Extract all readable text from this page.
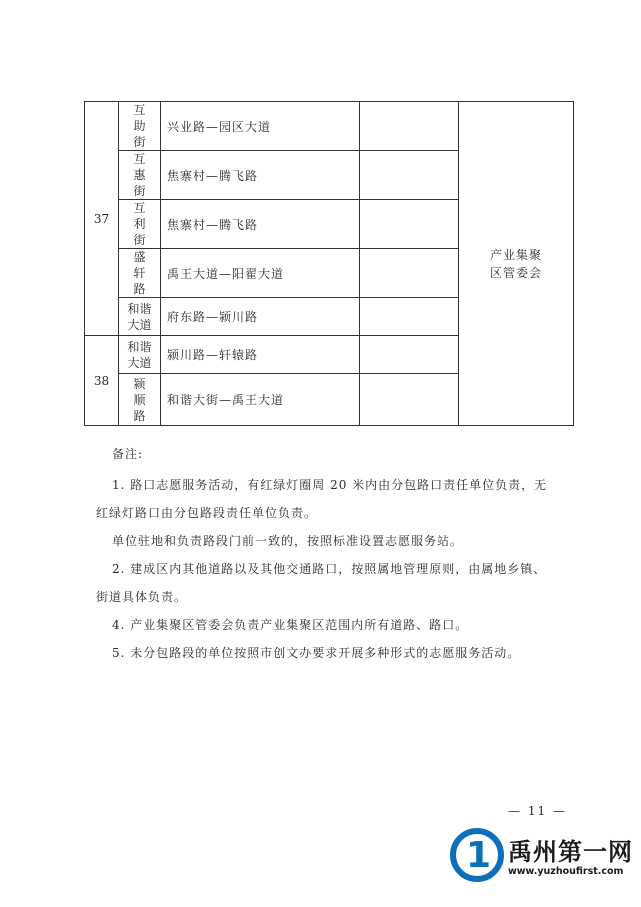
37	互助街	兴业路—园区大道		产业集聚区管委会
	互惠街	焦寨村—腾飞路		
	互利街	焦寨村—腾飞路		
	盛轩路	禹王大道—阳翟大道		
	和谐大道	府东路—颍川路		
38	和谐大道	颍川路—轩辕路		
	颍顺路	和谐大街—禹王大道		
备注:
1. 路口志愿服务活动，有红绿灯圈周 20 米内由分包路口责任单位负责，无红绿灯路口由分包路段责任单位负责。
单位驻地和负责路段门前一致的，按照标准设置志愿服务站。
2. 建成区内其他道路以及其他交通路口，按照属地管理原则，由属地乡镇、街道具体负责。
4. 产业集聚区管委会负责产业集聚区范围内所有道路、路口。
5. 未分包路段的单位按照市创文办要求开展多种形式的志愿服务活动。
— 11 —
1 禹州第一网
www.yuzhoufirst.com
